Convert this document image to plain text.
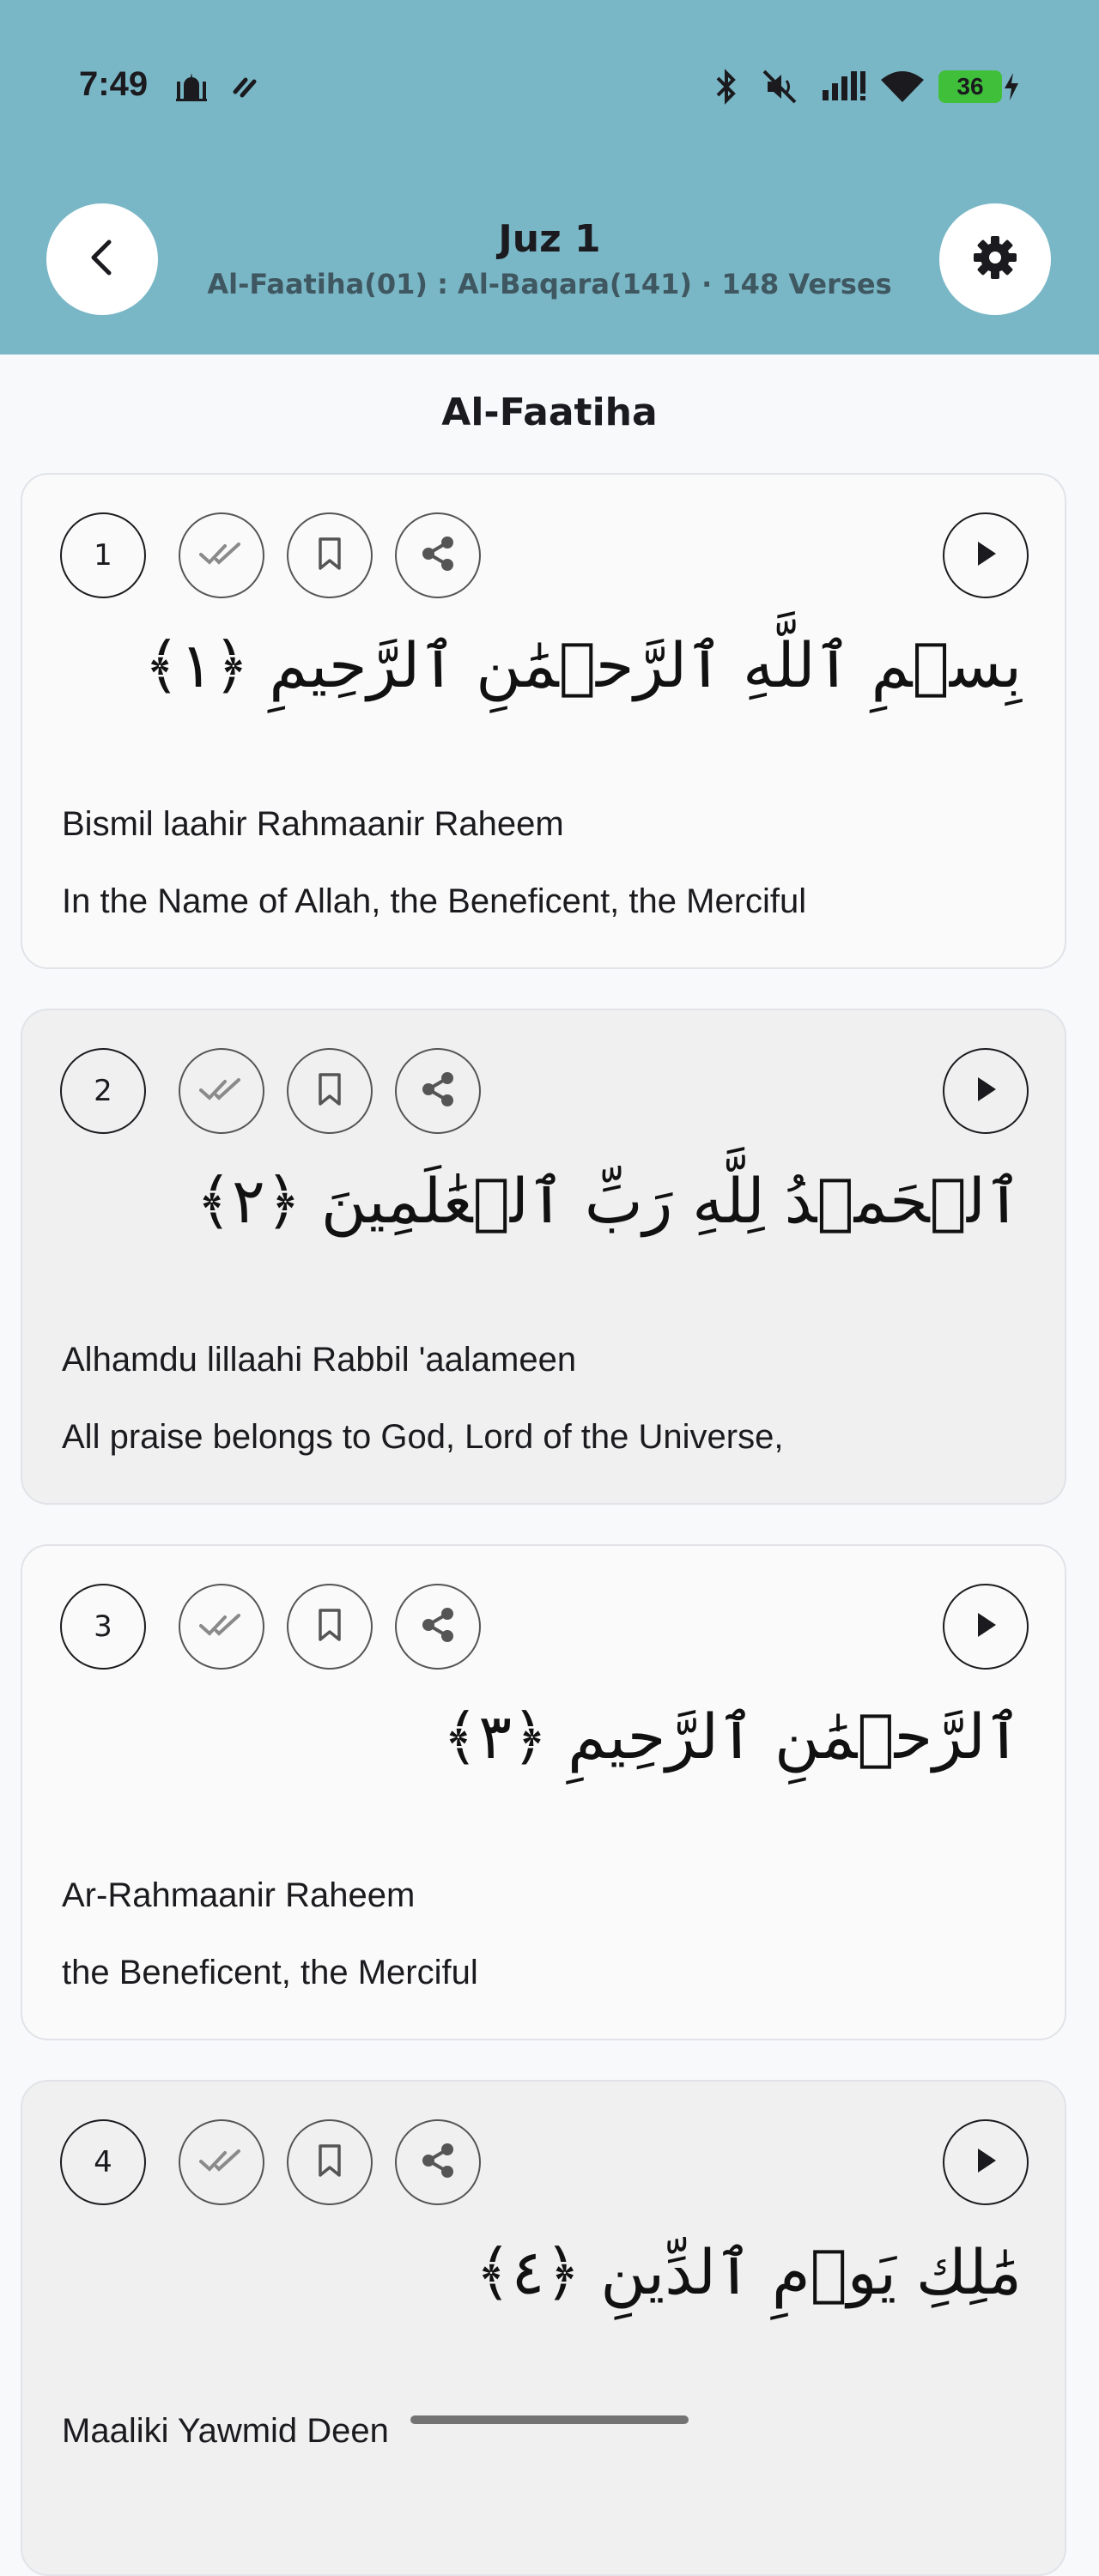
7:49	36
Juz 1
Al-Faatiha(01) : Al-Baqara(141) · 148 Verses
Al-Faatiha
1
بِسۡمِ ٱللَّهِ ٱلرَّحۡمَٰنِ ٱلرَّحِيمِ ﴿١﴾
Bismil laahir Rahmaanir Raheem
In the Name of Allah, the Beneficent, the Merciful
2
ٱلۡحَمۡدُ لِلَّهِ رَبِّ ٱلۡعَٰلَمِينَ ﴿٢﴾
Alhamdu lillaahi Rabbil 'aalameen
All praise belongs to God, Lord of the Universe,
3
ٱلرَّحۡمَٰنِ ٱلرَّحِيمِ ﴿٣﴾
Ar-Rahmaanir Raheem
the Beneficent, the Merciful
4
مَٰلِكِ يَوۡمِ ٱلدِّينِ ﴿٤﴾
Maaliki Yawmid Deen
